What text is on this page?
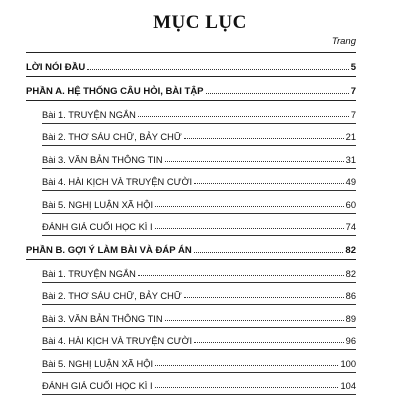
MỤC LỤC
Trang
LỜI NÓI ĐẦU	5
PHẦN A. HỆ THỐNG CÂU HỎI, BÀI TẬP	7
Bài 1. TRUYỆN NGẮN	7
Bài 2. THƠ SÁU CHỮ, BẢY CHỮ	21
Bài 3. VĂN BẢN THÔNG TIN	31
Bài 4. HÀI KỊCH VÀ TRUYỆN CƯỜI	49
Bài 5. NGHỊ LUẬN XÃ HỘI	60
ĐÁNH GIÁ CUỐI HỌC KÌ I	74
PHẦN B. GỢI Ý LÀM BÀI VÀ ĐÁP ÁN	82
Bài 1. TRUYỆN NGẮN	82
Bài 2. THƠ SÁU CHỮ, BẢY CHỮ	86
Bài 3. VĂN BẢN THÔNG TIN	89
Bài 4. HÀI KỊCH VÀ TRUYỆN CƯỜI	96
Bài 5. NGHỊ LUẬN XÃ HỘI	100
ĐÁNH GIÁ CUỐI HỌC KÌ I	104
